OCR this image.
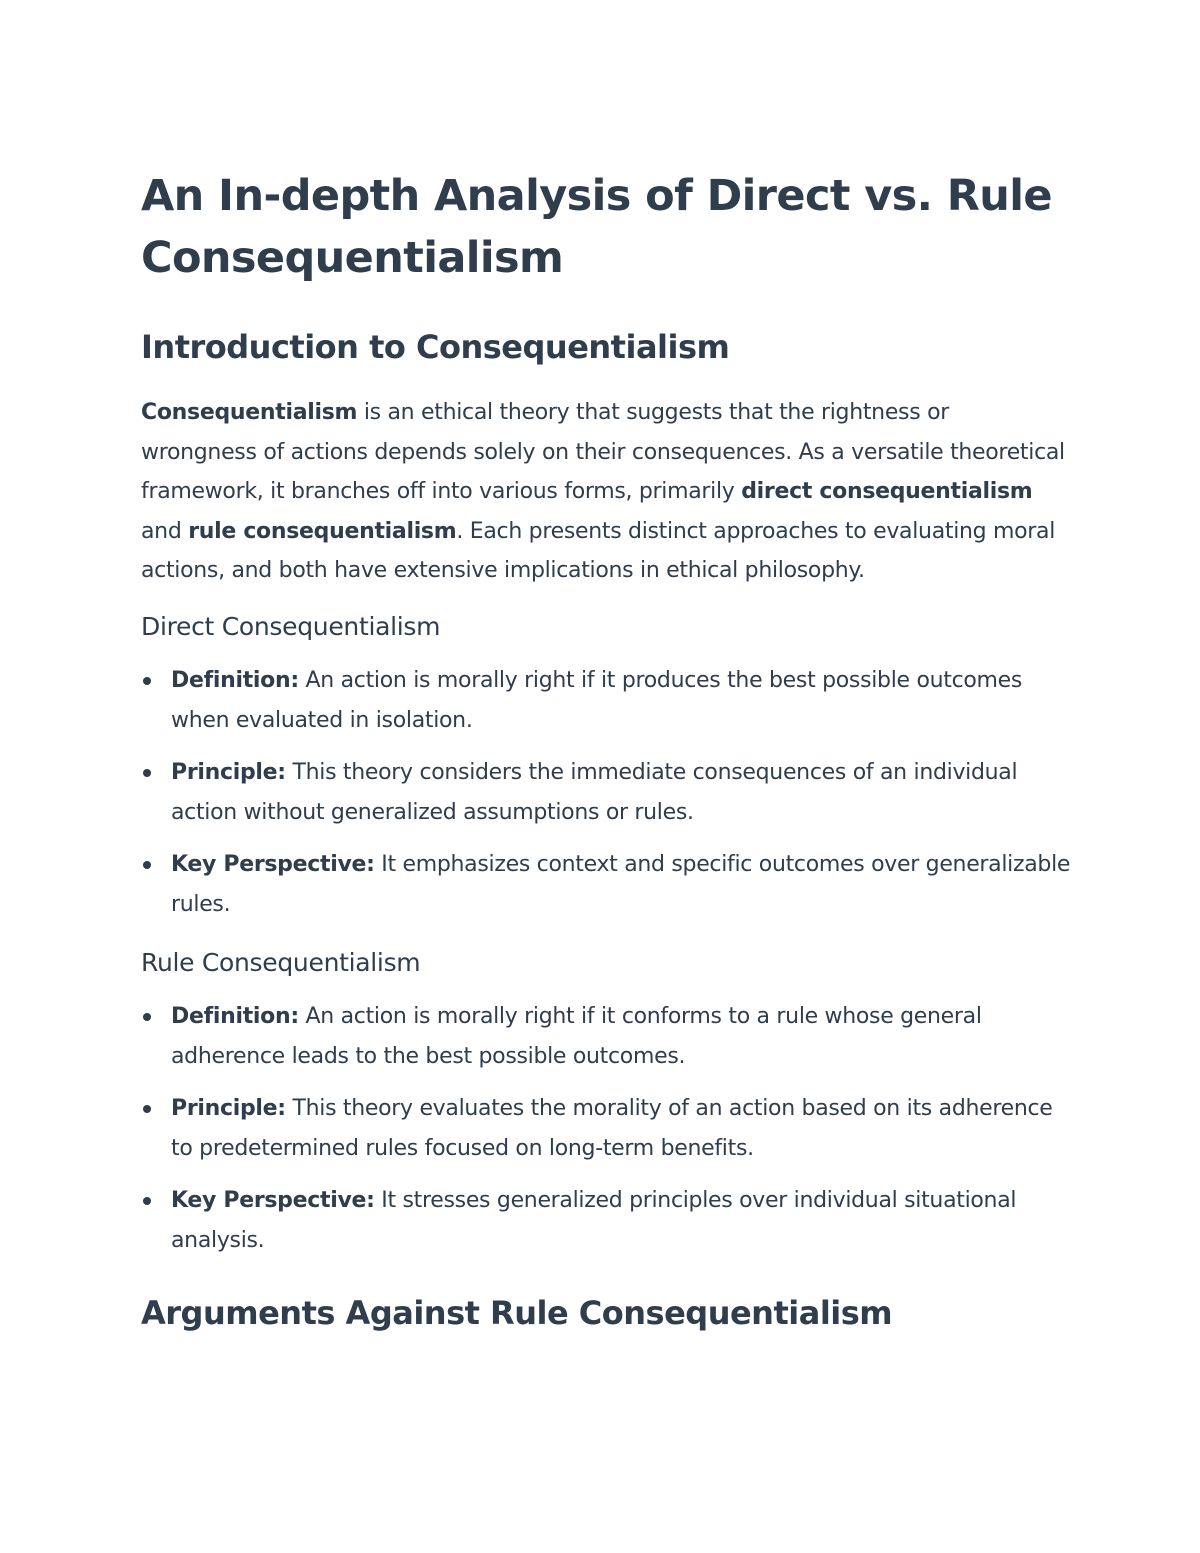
An In-depth Analysis of Direct vs. Rule Consequentialism
Introduction to Consequentialism

Consequentialism is an ethical theory that suggests that the rightness or wrongness of actions depends solely on their consequences. As a versatile theoretical framework, it branches off into various forms, primarily direct consequentialism and rule consequentialism. Each presents distinct approaches to evaluating moral actions, and both have extensive implications in ethical philosophy.

Direct Consequentialism
Definition: An action is morally right if it produces the best possible outcomes when evaluated in isolation.
Principle: This theory considers the immediate consequences of an individual action without generalized assumptions or rules.
Key Perspective: It emphasizes context and specific outcomes over generalizable rules.
Rule Consequentialism
Definition: An action is morally right if it conforms to a rule whose general adherence leads to the best possible outcomes.
Principle: This theory evaluates the morality of an action based on its adherence to predetermined rules focused on long-term benefits.
Key Perspective: It stresses generalized principles over individual situational analysis.
Arguments Against Rule Consequentialism
